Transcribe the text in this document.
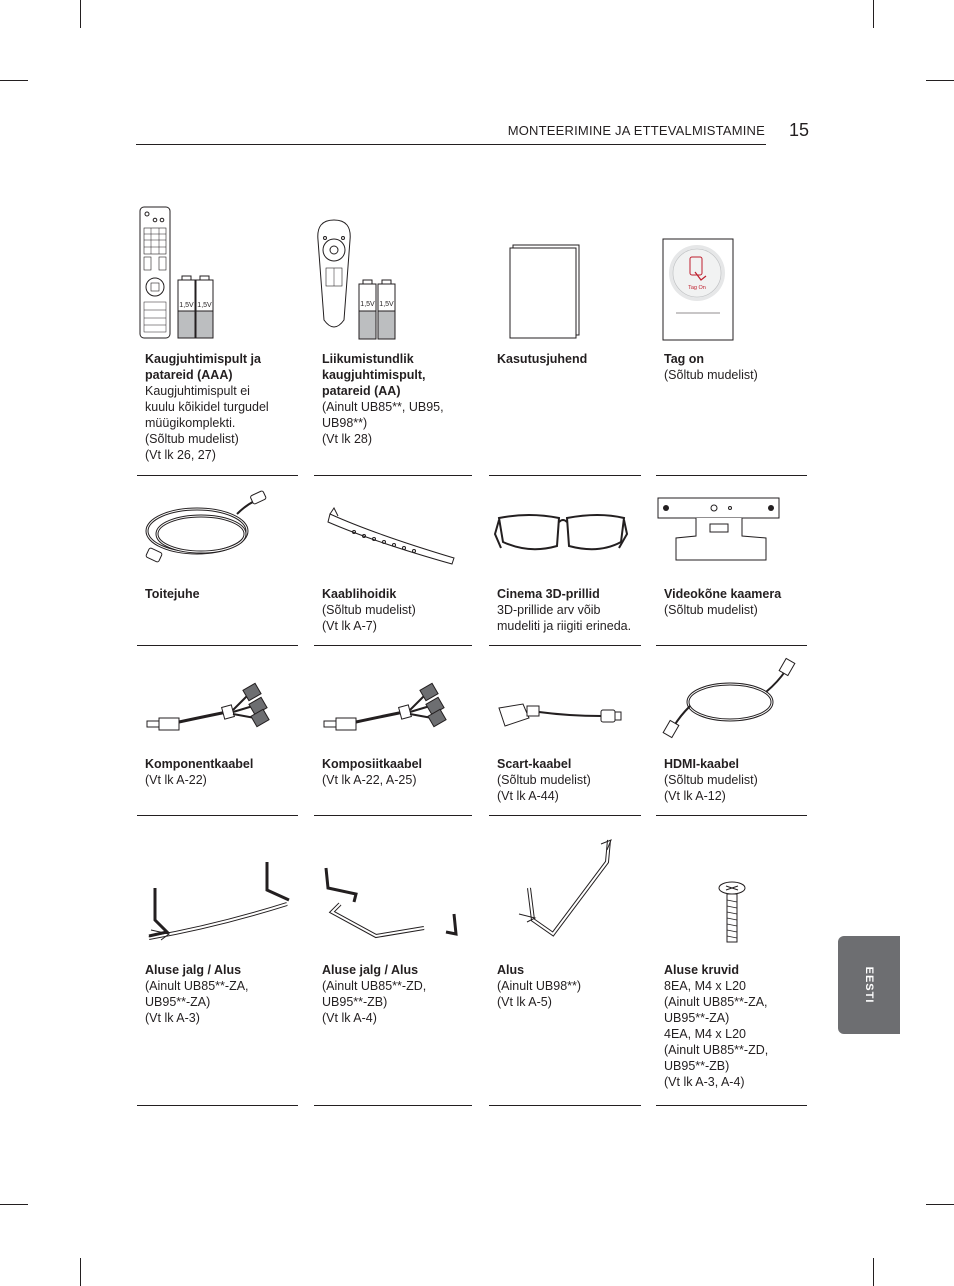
MONTEERIMINE JA ETTEVALMISTAMINE 15
EESTI
1,5V 1,5V
Kaugjuhtimispult ja
patareid (AAA)
Kaugjuhtimispult ei
kuulu kõikidel turgudel
müügikomplekti.
(Sõltub mudelist)
(Vt lk 26, 27)
1,5V 1,5V
Liikumistundlik
kaugjuhtimispult,
patareid (AA)
(Ainult UB85**, UB95,
UB98**)
(Vt lk 28)
Kasutusjuhend
Tag On
Tag on
(Sõltub mudelist)
Toitejuhe	Kaablihoidik
(Sõltub mudelist)
(Vt lk A-7)
Cinema 3D-prillid
3D-prillide arv võib
mudeliti ja riigiti erineda.
Videokõne kaamera
(Sõltub mudelist)
Komponentkaabel
(Vt lk A-22)
Komposiitkaabel
(Vt lk A-22, A-25)
Scart-kaabel
(Sõltub mudelist)
(Vt lk A-44)
HDMI-kaabel
(Sõltub mudelist)
(Vt lk A-12)
Aluse jalg / Alus
(Ainult UB85**-ZA,
UB95**-ZA)
(Vt lk A-3)
Aluse jalg / Alus
(Ainult UB85**-ZD,
UB95**-ZB)
(Vt lk A-4)
Alus
(Ainult UB98**)
(Vt lk A-5)
Aluse kruvid
8EA, M4 x L20
(Ainult UB85**-ZA,
UB95**-ZA)
4EA, M4 x L20
(Ainult UB85**-ZD,
UB95**-ZB)
(Vt lk A-3, A-4)
